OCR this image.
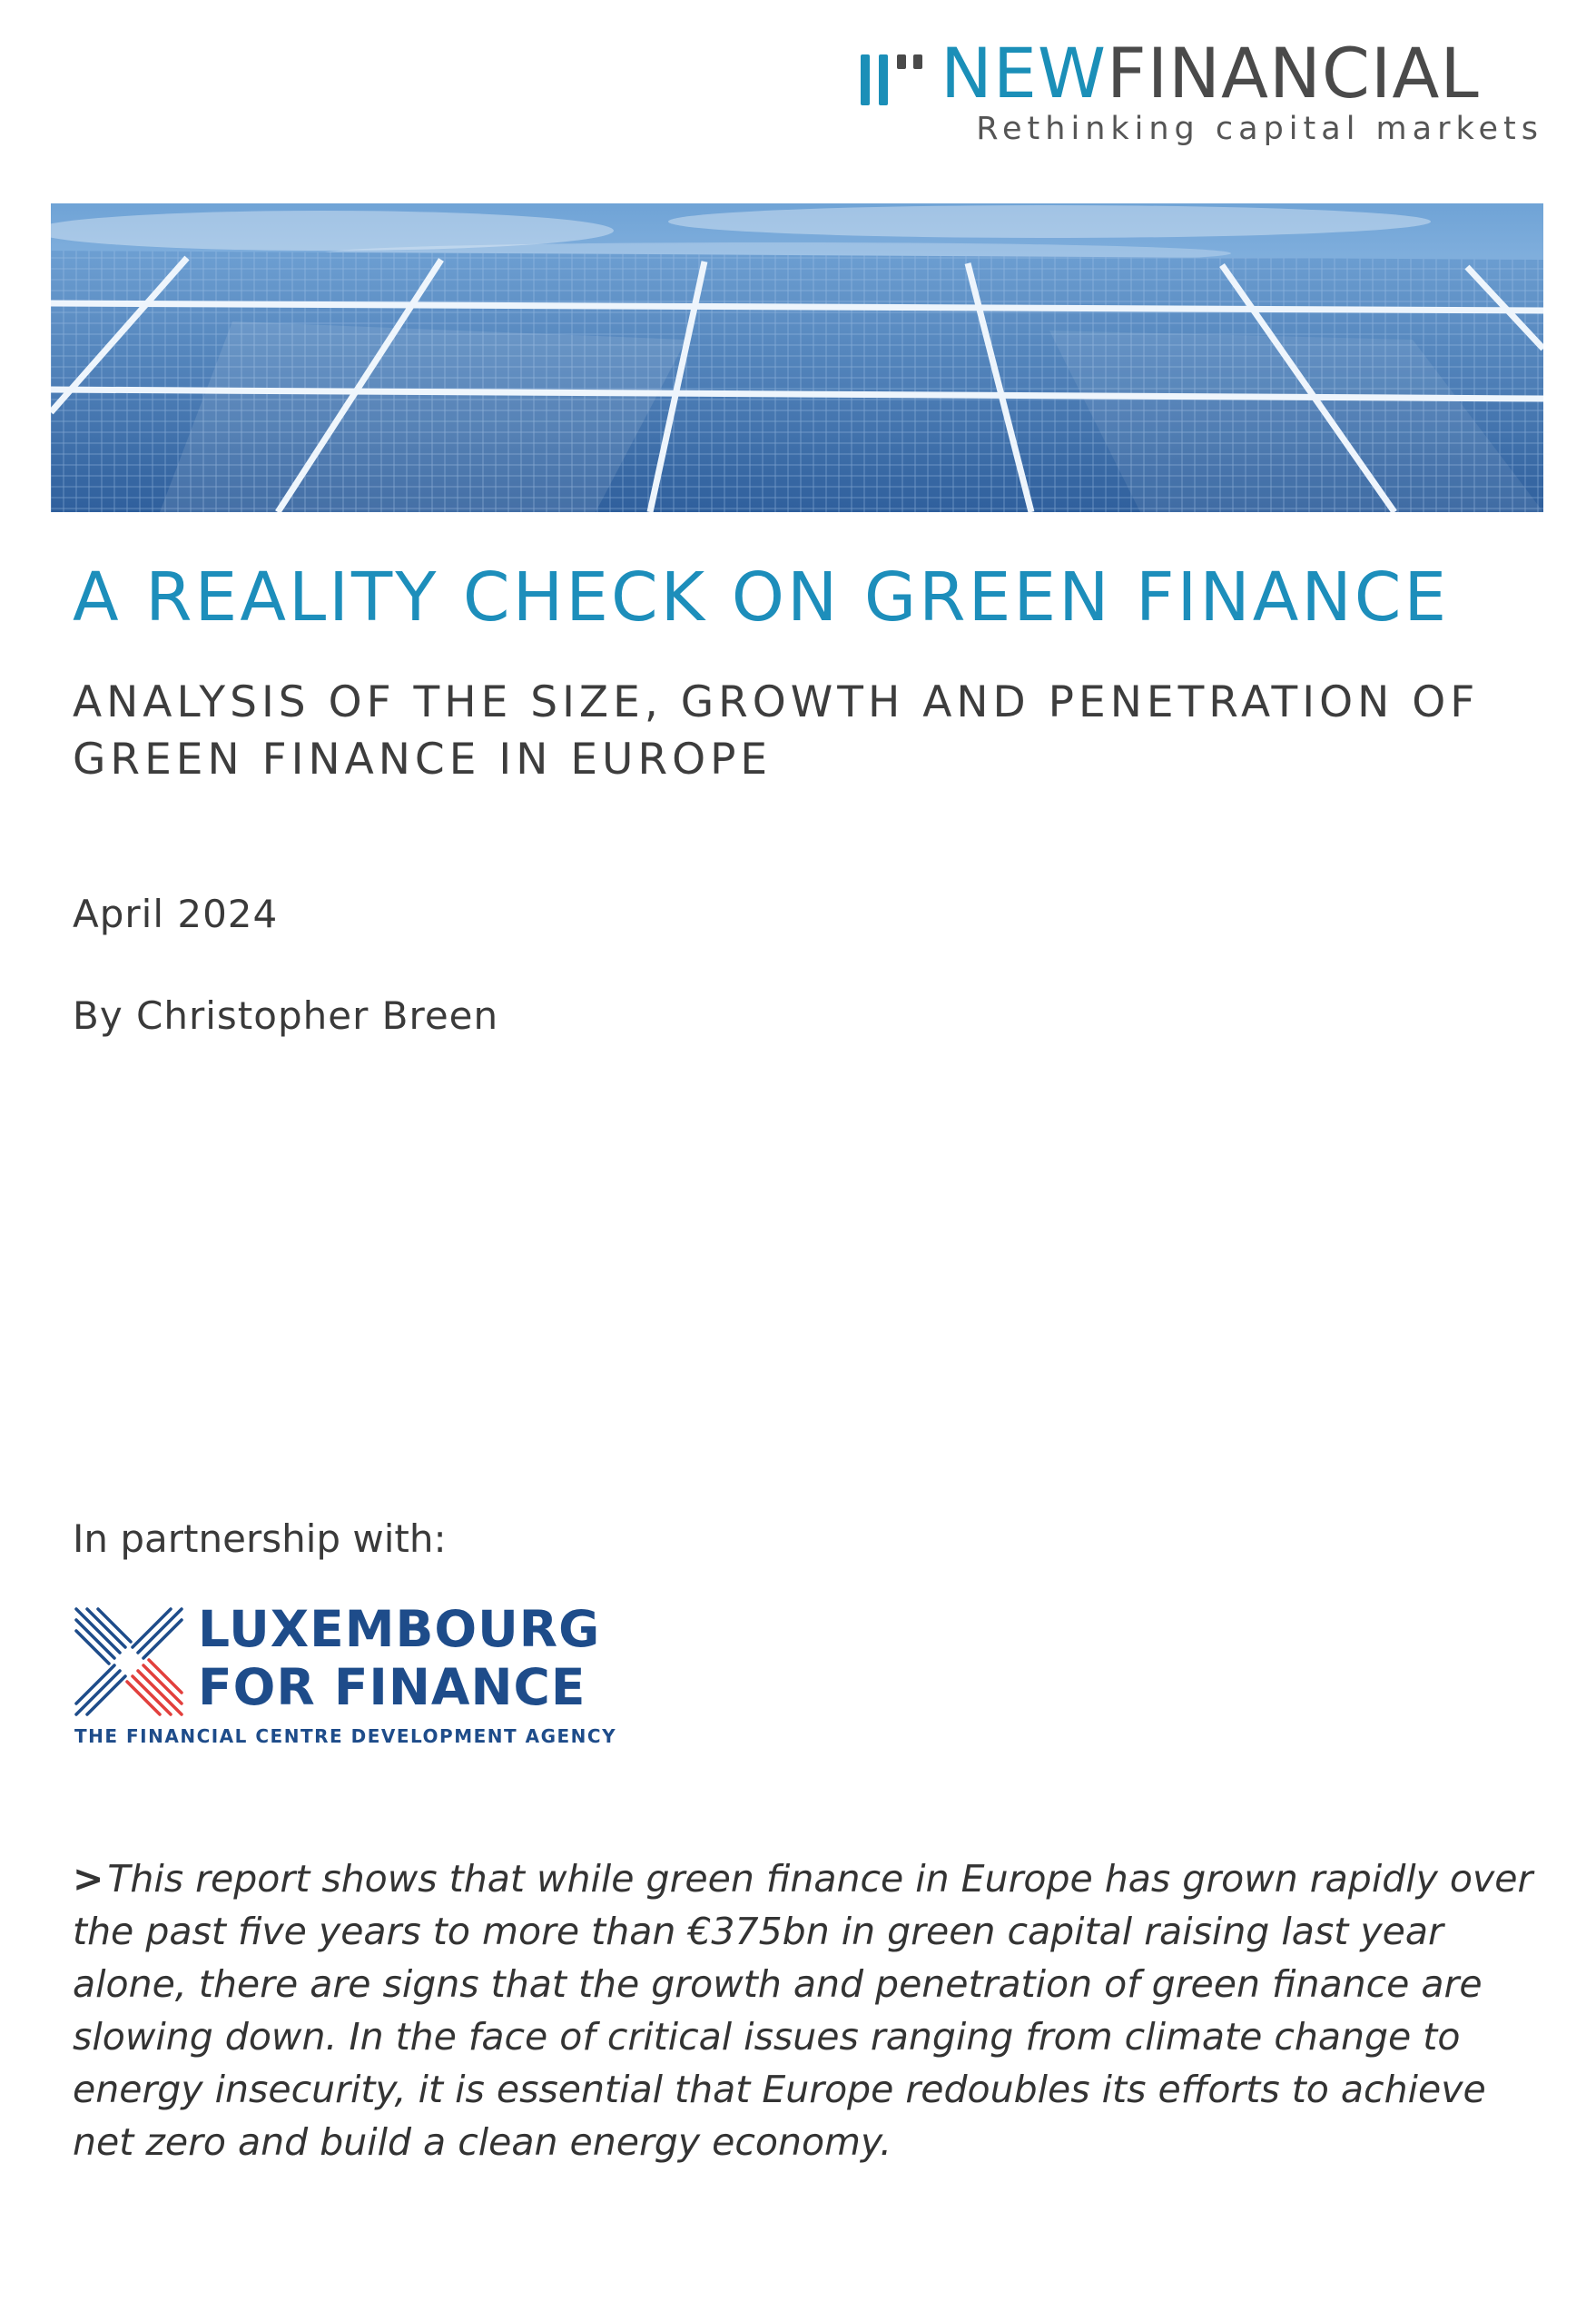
NEWFINANCIAL
Rethinking capital markets
A REALITY CHECK ON GREEN FINANCE
ANALYSIS OF THE SIZE, GROWTH AND PENETRATION OF GREEN FINANCE IN EUROPE
April 2024
By Christopher Breen
In partnership with:
LUXEMBOURG
FOR FINANCE
THE FINANCIAL CENTRE DEVELOPMENT AGENCY
>This report shows that while green finance in Europe has grown rapidly over the past five years to more than €375bn in green capital raising last year alone, there are signs that the growth and penetration of green finance are slowing down. In the face of critical issues ranging from climate change to energy insecurity, it is essential that Europe redoubles its efforts to achieve net zero and build a clean energy economy.
